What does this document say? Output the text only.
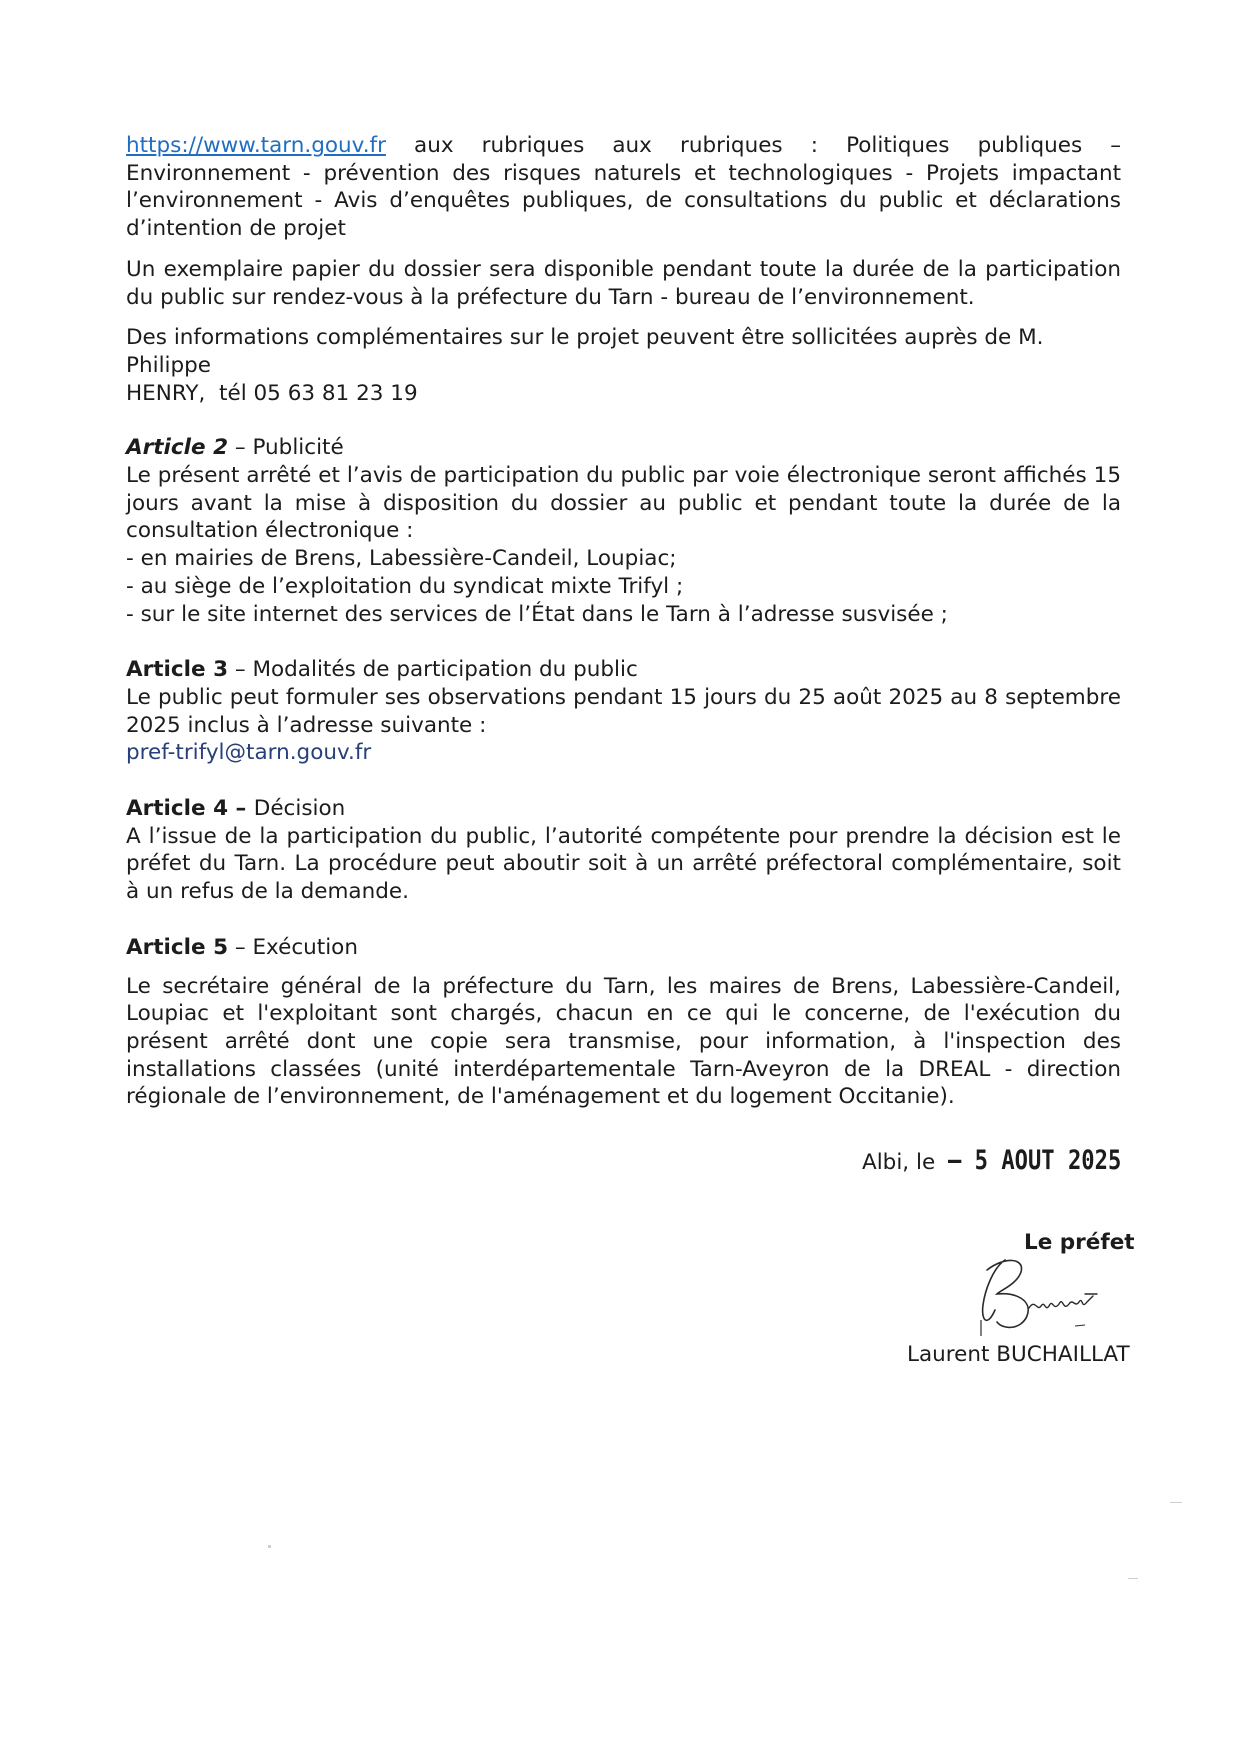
https://www.tarn.gouv.fr aux rubriques aux rubriques : Politiques publiques – Environnement - prévention des risques naturels et technologiques - Projets impactant l’environnement - Avis d’enquêtes publiques, de consultations du public et déclarations d’intention de projet

Un exemplaire papier du dossier sera disponible pendant toute la durée de la participation du public sur rendez-vous à la préfecture du Tarn - bureau de l’environnement.

Des informations complémentaires sur le projet peuvent être sollicitées auprès de M. Philippe
HENRY,  tél 05 63 81 23 19

Article 2 – Publicité

Le présent arrêté et l’avis de participation du public par voie électronique seront affichés 15 jours avant la mise à disposition du dossier au public et pendant toute la durée de la consultation électronique :

- en mairies de Brens, Labessière-Candeil, Loupiac;

- au siège de l’exploitation du syndicat mixte Trifyl ;

- sur le site internet des services de l’État dans le Tarn à l’adresse susvisée ;

Article 3 – Modalités de participation du public

Le public peut formuler ses observations pendant 15 jours du 25 août 2025 au 8 septembre 2025 inclus à l’adresse suivante :

pref-trifyl@tarn.gouv.fr

Article 4 – Décision

A l’issue de la participation du public, l’autorité compétente pour prendre la décision est le préfet du Tarn. La procédure peut aboutir soit à un arrêté préfectoral complémentaire, soit à un refus de la demande.

Article 5 – Exécution

Le secrétaire général de la préfecture du Tarn, les maires de Brens, Labessière-Candeil, Loupiac et l'exploitant sont chargés, chacun en ce qui le concerne, de l'exécution du présent arrêté dont une copie sera transmise, pour information, à l'inspection des installations classées (unité interdépartementale Tarn-Aveyron de la DREAL - direction régionale de l’environnement, de l'aménagement et du logement Occitanie).

Albi, le – 5 AOUT 2025
Le préfet
Laurent BUCHAILLAT
